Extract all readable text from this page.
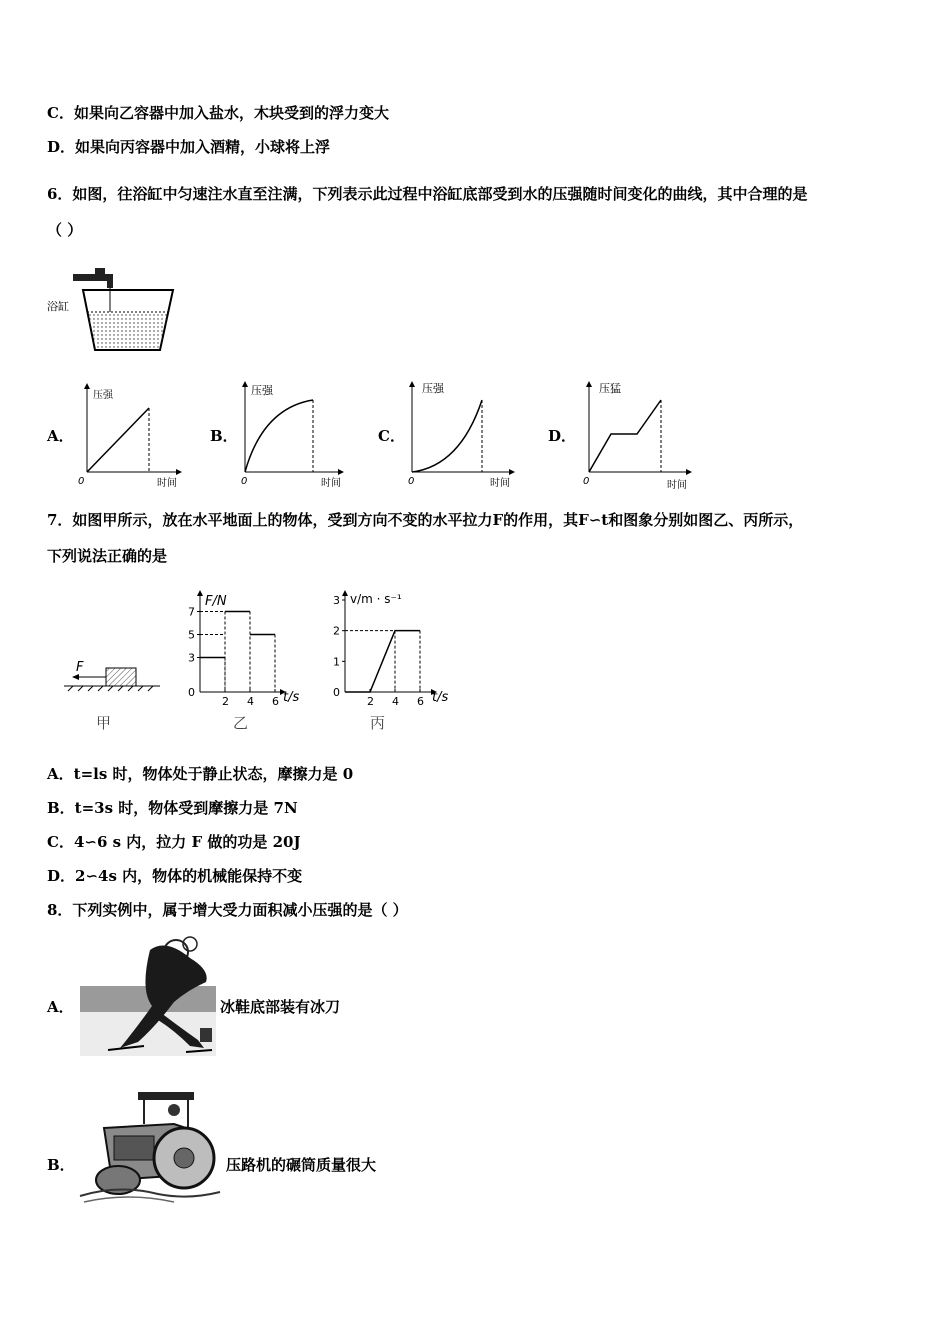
C．如果向乙容器中加入盐水，木块受到的浮力变大
D．如果向丙容器中加入酒精，小球将上浮
6．如图，往浴缸中匀速注水直至注满，下列表示此过程中浴缸底部受到水的压强随时间变化的曲线，其中合理的是
（ ）
浴缸
A．	B．	C．	D．
压强
时间
0
压强
时间
0
压强
时间
0
压猛
时间
0
7．如图甲所示，放在水平地面上的物体，受到方向不变的水平拉力F的作用，其F∽t和图象分别如图乙、丙所示，
下列说法正确的是
F
甲
F/N
t/s
乙
7
5
3
0
2 4 6
v/m · s⁻¹
t/s
丙
3
2
1
0
2 4 6
A．t=ls 时，物体处于静止状态，摩擦力是 0
B．t=3s 时，物体受到摩擦力是 7N
C．4∽6 s 内，拉力 F 做的功是 20J
D．2∽4s 内，物体的机械能保持不变
8．下列实例中，属于增大受力面积减小压强的是（ ）
A．	冰鞋底部装有冰刀
B．	压路机的碾筒质量很大
